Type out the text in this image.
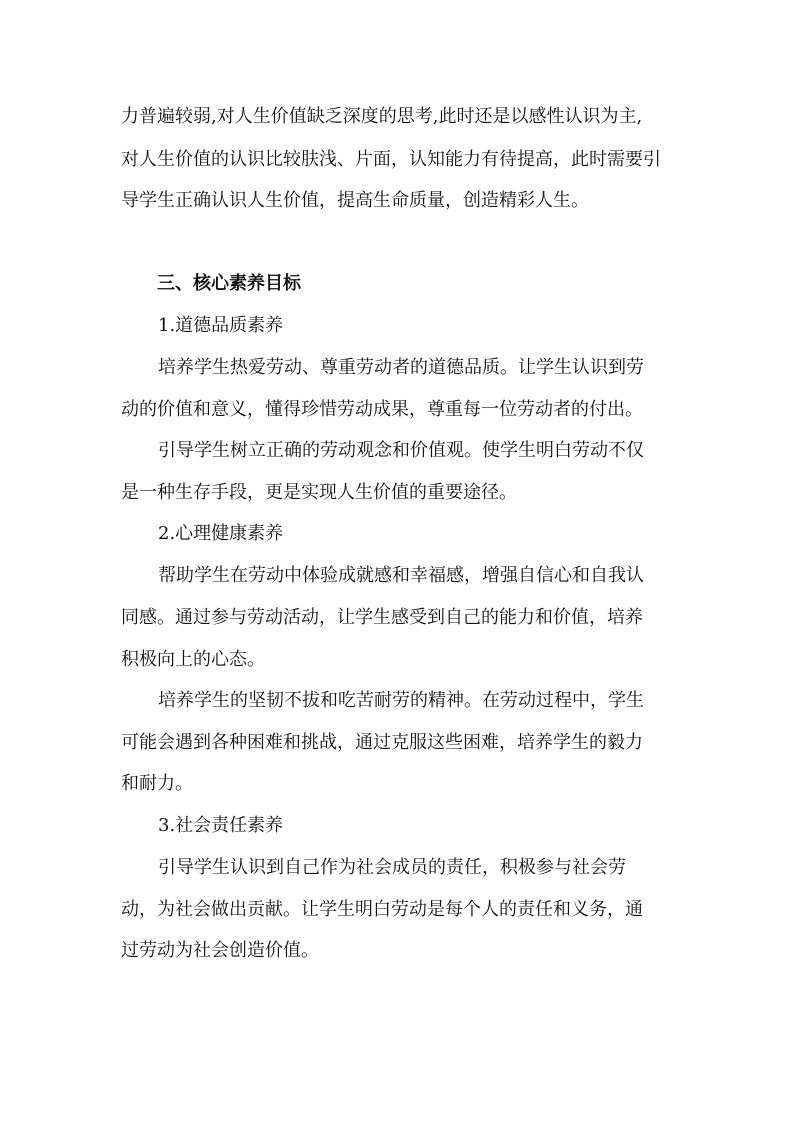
力普遍较弱,对人生价值缺乏深度的思考,此时还是以感性认识为主,
对人生价值的认识比较肤浅、片面，认知能力有待提高，此时需要引
导学生正确认识人生价值，提高生命质量，创造精彩人生。
三、核心素养目标
1.道德品质素养
培养学生热爱劳动、尊重劳动者的道德品质。让学生认识到劳
动的价值和意义，懂得珍惜劳动成果，尊重每一位劳动者的付出。
引导学生树立正确的劳动观念和价值观。使学生明白劳动不仅
是一种生存手段，更是实现人生价值的重要途径。
2.心理健康素养
帮助学生在劳动中体验成就感和幸福感，增强自信心和自我认
同感。通过参与劳动活动，让学生感受到自己的能力和价值，培养
积极向上的心态。
培养学生的坚韧不拔和吃苦耐劳的精神。在劳动过程中，学生
可能会遇到各种困难和挑战，通过克服这些困难，培养学生的毅力
和耐力。
3.社会责任素养
引导学生认识到自己作为社会成员的责任，积极参与社会劳
动，为社会做出贡献。让学生明白劳动是每个人的责任和义务，通
过劳动为社会创造价值。
